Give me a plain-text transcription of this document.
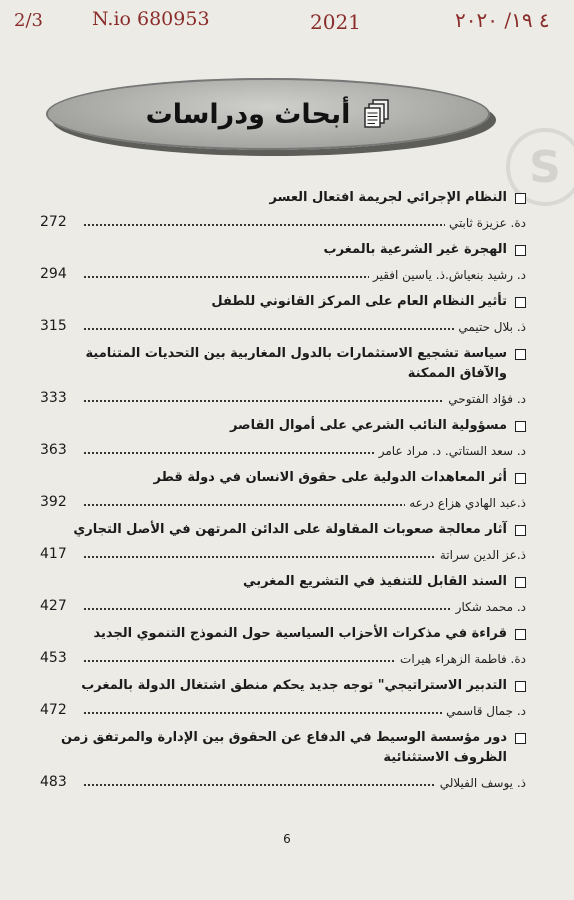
2/3	N.io 680953	2021	٤ ١٩/ ٢٠٢٠
S
أبحاث ودراسات
النظام الإجرائي لجريمة افتعال العسر
272	دة. عزيزة ثابتي
الهجرة غير الشرعية بالمغرب
294	د. رشيد بنعياش.ذ. ياسين افقير
تأثير النظام العام على المركز القانوني للطفل
315	ذ. بلال حتيمي
سياسة تشجيع الاستثمارات بالدول المغاربية بين التحديات المتنامية والآفاق الممكنة
333	د. فؤاد الفتوحي
مسؤولية النائب الشرعي على أموال القاصر
363	د. سعد الستاتي. د. مراد عامر
أثر المعاهدات الدولية على حقوق الانسان في دولة قطر
392	ذ.عبد الهادي هزاع درعه
آثار معالجة صعوبات المقاولة على الدائن المرتهن في الأصل التجاري
417	ذ.عز الدين سراتة
السند القابل للتنفيذ في التشريع المغربي
427	د. محمد شكار
قراءة في مذكرات الأحزاب السياسية حول النموذج التنموي الجديد
453	دة. فاطمة الزهراء هيرات
التدبير الاستراتيجي" توجه جديد يحكم منطق اشتغال الدولة بالمغرب
472	د. جمال قاسمي
دور مؤسسة الوسيط في الدفاع عن الحقوق بين الإدارة والمرتفق زمن الظروف الاستثنائية
483	ذ. يوسف الفيلالي
6
